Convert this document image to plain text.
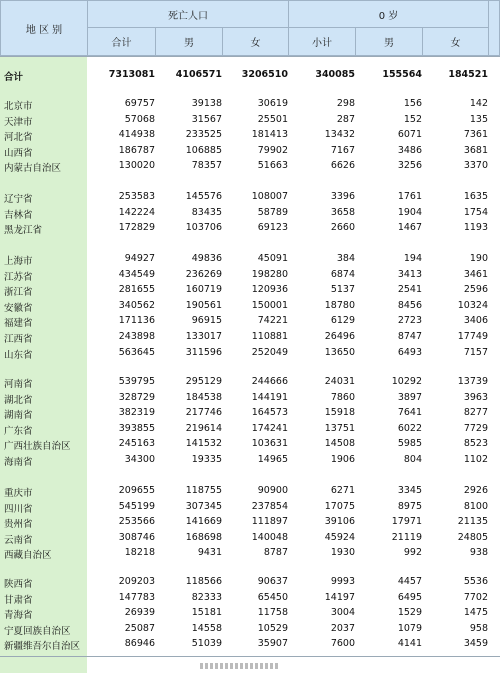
地 区 别
死亡人口	0 岁
合计	男	女	小计	男	女
合计	7313081	4106571	3206510	340085	155564	184521
北京市	69757	39138	30619	298	156	142
天津市	57068	31567	25501	287	152	135
河北省	414938	233525	181413	13432	6071	7361
山西省	186787	106885	79902	7167	3486	3681
内蒙古自治区	130020	78357	51663	6626	3256	3370
辽宁省	253583	145576	108007	3396	1761	1635
吉林省	142224	83435	58789	3658	1904	1754
黑龙江省	172829	103706	69123	2660	1467	1193
上海市	94927	49836	45091	384	194	190
江苏省	434549	236269	198280	6874	3413	3461
浙江省	281655	160719	120936	5137	2541	2596
安徽省	340562	190561	150001	18780	8456	10324
福建省	171136	96915	74221	6129	2723	3406
江西省	243898	133017	110881	26496	8747	17749
山东省	563645	311596	252049	13650	6493	7157
河南省	539795	295129	244666	24031	10292	13739
湖北省	328729	184538	144191	7860	3897	3963
湖南省	382319	217746	164573	15918	7641	8277
广东省	393855	219614	174241	13751	6022	7729
广西壮族自治区	245163	141532	103631	14508	5985	8523
海南省	34300	19335	14965	1906	804	1102
重庆市	209655	118755	90900	6271	3345	2926
四川省	545199	307345	237854	17075	8975	8100
贵州省	253566	141669	111897	39106	17971	21135
云南省	308746	168698	140048	45924	21119	24805
西藏自治区	18218	9431	8787	1930	992	938
陕西省	209203	118566	90637	9993	4457	5536
甘肃省	147783	82333	65450	14197	6495	7702
青海省	26939	15181	11758	3004	1529	1475
宁夏回族自治区	25087	14558	10529	2037	1079	958
新疆维吾尔自治区	86946	51039	35907	7600	4141	3459
